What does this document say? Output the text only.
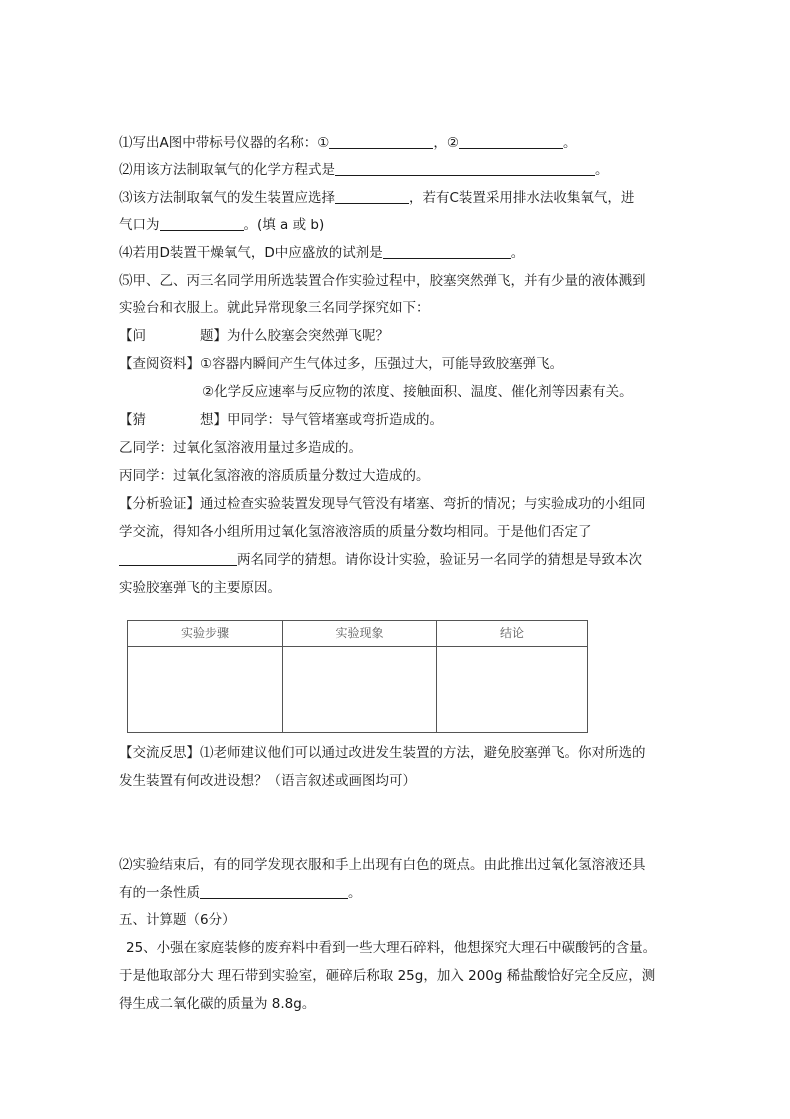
⑴写出A图中带标号仪器的名称：①	，②	。
⑵用该方法制取氧气的化学方程式是	。
⑶该方法制取氧气的发生装置应选择	，若有C装置采用排水法收集氧气，进
气口为	。(填 a 或 b)
⑷若用D装置干燥氧气，D中应盛放的试剂是	。
⑸甲、乙、丙三名同学用所选装置合作实验过程中，胶塞突然弹飞，并有少量的液体溅到
实验台和衣服上。就此异常现象三名同学探究如下：
【问	题】为什么胶塞会突然弹飞呢？
【查阅资料】①容器内瞬间产生气体过多，压强过大，可能导致胶塞弹飞。
②化学反应速率与反应物的浓度、接触面积、温度、催化剂等因素有关。
【猜	想】甲同学：导气管堵塞或弯折造成的。
乙同学：过氧化氢溶液用量过多造成的。
丙同学：过氧化氢溶液的溶质质量分数过大造成的。
【分析验证】通过检查实验装置发现导气管没有堵塞、弯折的情况；与实验成功的小组同
学交流，得知各小组所用过氧化氢溶液溶质的质量分数均相同。于是他们否定了
两名同学的猜想。请你设计实验，验证另一名同学的猜想是导致本次
实验胶塞弹飞的主要原因。
实验步骤	实验现象	结论

【交流反思】⑴老师建议他们可以通过改进发生装置的方法，避免胶塞弹飞。你对所选的
发生装置有何改进设想？（语言叙述或画图均可）
⑵实验结束后，有的同学发现衣服和手上出现有白色的斑点。由此推出过氧化氢溶液还具
有的一条性质	。
五、计算题（6分）
25、小强在家庭装修的废弃料中看到一些大理石碎料，他想探究大理石中碳酸钙的含量。
于是他取部分大 理石带到实验室，砸碎后称取 25g，加入 200g 稀盐酸恰好完全反应，测
得生成二氧化碳的质量为 8.8g。
